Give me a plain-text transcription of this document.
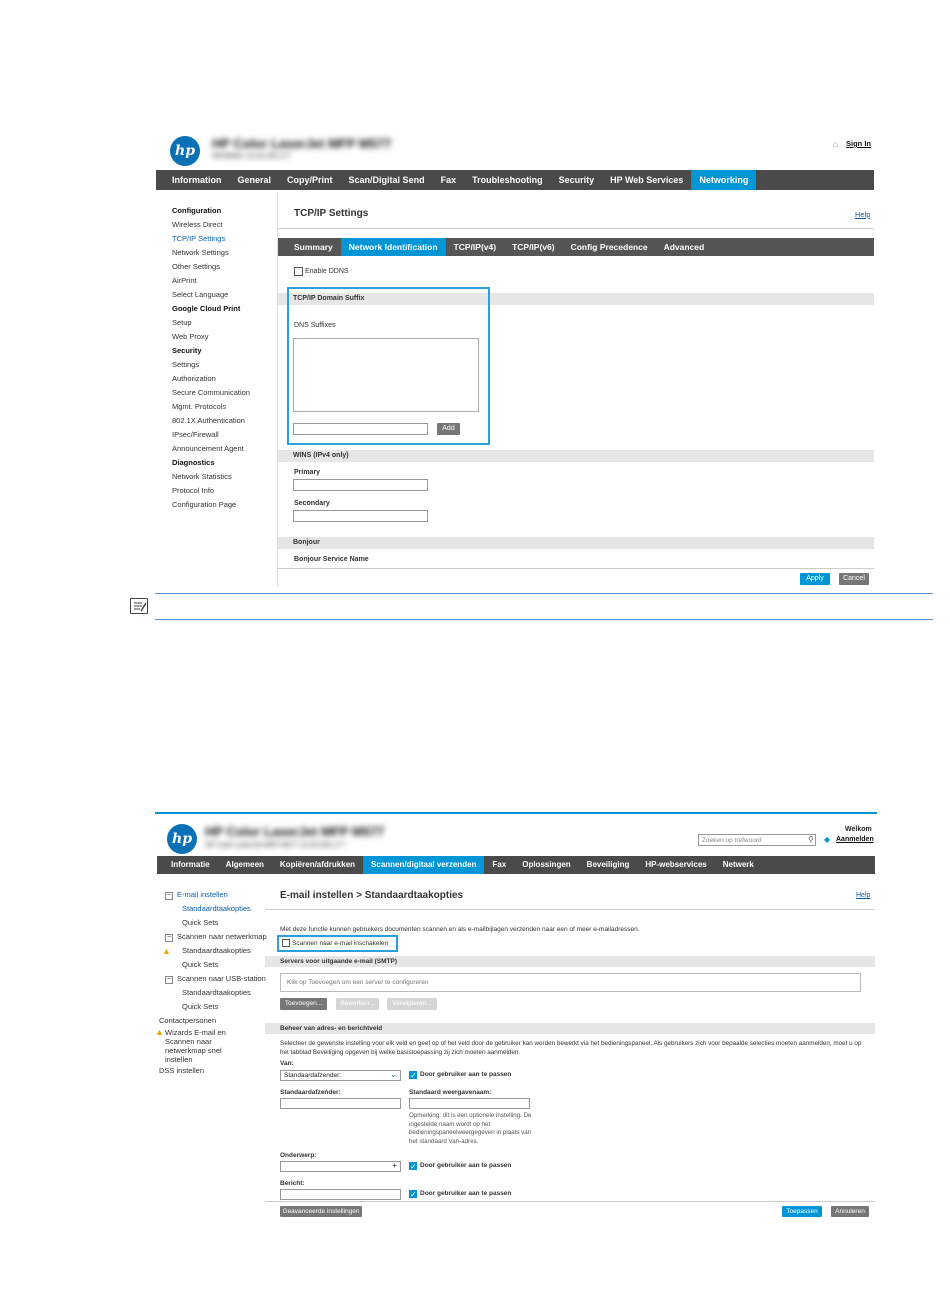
hp	HP Color LaserJet MFP M577
NPI4860C 15.20.200.177
⌂ Sign In
Information	General	Copy/Print	Scan/Digital Send	Fax	Troubleshooting	Security	HP Web Services	Networking
Configuration
Wireless Direct
TCP/IP Settings
Network Settings
Other Settings
AirPrint
Select Language
Google Cloud Print
Setup
Web Proxy
Security
Settings
Authorization
Secure Communication
Mgmt. Protocols
802.1X Authentication
IPsec/Firewall
Announcement Agent
Diagnostics
Network Statistics
Protocol Info
Configuration Page
TCP/IP Settings	Help
Summary	Network Identification	TCP/IP(v4)	TCP/IP(v6)	Config Precedence	Advanced
Enable DDNS
TCP/IP Domain Suffix
DNS Suffixes
Add
WINS (IPv4 only)
Primary
Secondary
Bonjour
Bonjour Service Name
Apply	Cancel
hp	HP Color LaserJet MFP M577
HP Color LaserJet MFP M577 15.20.200.177
Welkom
Zoeken op trefwoord	⚲ ◆ Aanmelden
Informatie	Algemeen	Kopiëren/afdrukken	Scannen/digitaal verzenden	Fax	Oplossingen	Beveiliging	HP-webservices	Netwerk
− E-mail instellen
Standaardtaakopties
Quick Sets
− Scannen naar netwerkmap
▲ Standaardtaakopties
Quick Sets
− Scannen naar USB-station
Standaardtaakopties
Quick Sets
Contactpersonen
▲ Wizards E-mail en Scannen naar netwerkmap snel instellen
DSS instellen
E-mail instellen > Standaardtaakopties	Help
Met deze functie kunnen gebruikers documenten scannen en als e-mailbijlagen verzenden naar een of meer e-mailadressen.
Scannen naar e-mail inschakelen
Servers voor uitgaande e-mail (SMTP)
Klik op Toevoegen om een server te configureren
Toevoegen...	Bewerken...	Verwijderen...
Beheer van adres- en berichtveld
Selecteer de gewenste instelling voor elk veld en geef op of het veld door de gebruiker kan worden bewerkt via het bedieningspaneel. Als gebruikers zich voor bepaalde selecties moeten aanmelden, moet u op het tabblad Beveiliging opgeven bij welke basistoepassing zij zich moeten aanmelden.
Van:
Standaardafzender:	⌄ ✓ Door gebruiker aan te passen
Standaardafzender:	Standaard weergavenaam:
Opmerking: dit is een optionele instelling. De ingestelde naam wordt op het bedieningspaneelweergegeven in plaats van het standaard Van-adres.
Onderwerp:
+ ✓ Door gebruiker aan te passen
Bericht:
✓ Door gebruiker aan te passen
Geavanceerde instellingen	Toepassen	Annuleren
